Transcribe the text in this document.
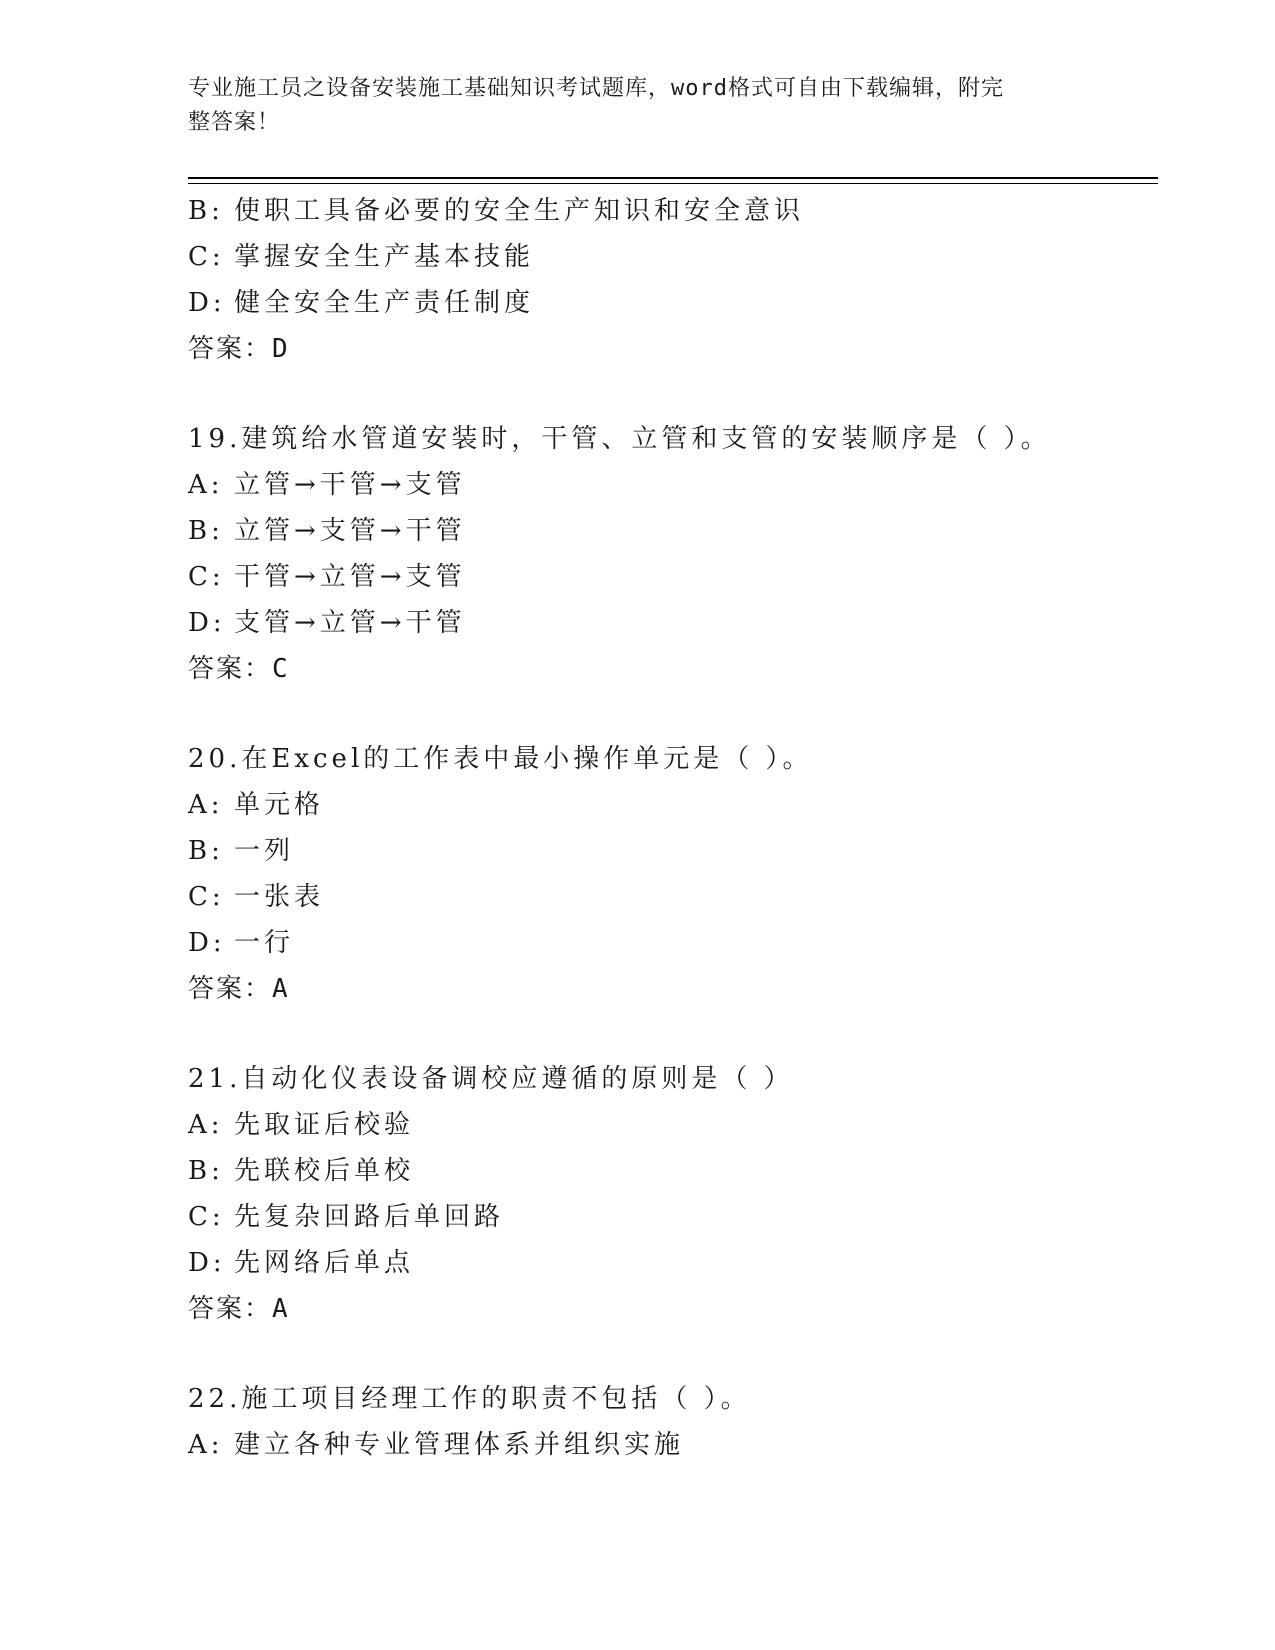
专业施工员之设备安装施工基础知识考试题库，word格式可自由下载编辑，附完
整答案！
B: 使职工具备必要的安全生产知识和安全意识
C: 掌握安全生产基本技能
D: 健全安全生产责任制度
答案：D
19.建筑给水管道安装时，干管、立管和支管的安装顺序是（ ）。
A: 立管→干管→支管
B: 立管→支管→干管
C: 干管→立管→支管
D: 支管→立管→干管
答案：C
20.在Excel的工作表中最小操作单元是（ ）。
A: 单元格
B: 一列
C: 一张表
D: 一行
答案：A
21.自动化仪表设备调校应遵循的原则是（ ）
A: 先取证后校验
B: 先联校后单校
C: 先复杂回路后单回路
D: 先网络后单点
答案：A
22.施工项目经理工作的职责不包括（ ）。
A: 建立各种专业管理体系并组织实施
